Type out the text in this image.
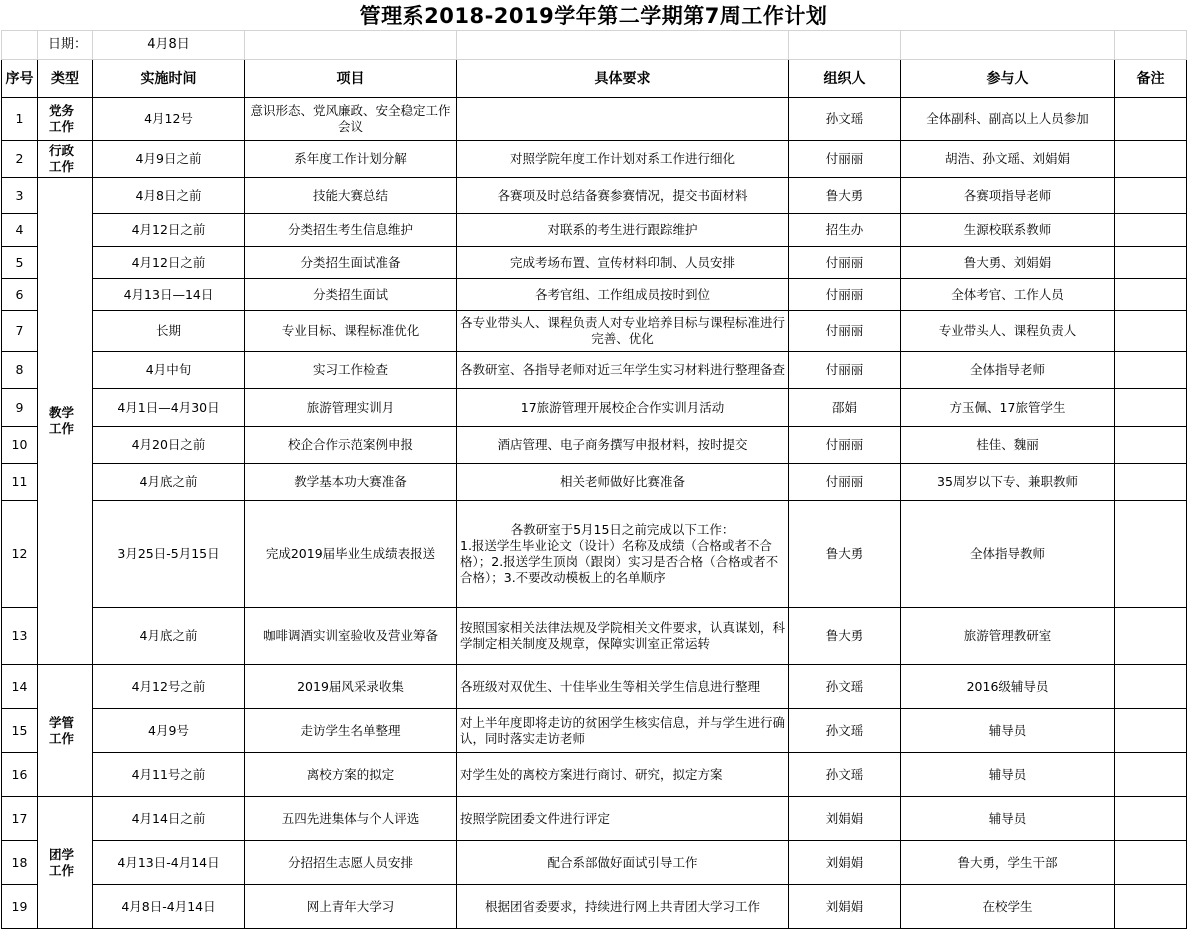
管理系2018-2019学年第二学期第7周工作计划
	日期：	4月8日					
序号	类型	实施时间	项目	具体要求	组织人	参与人	备注
1	党务工作	4月12号	意识形态、党风廉政、安全稳定工作会议		孙文瑶	全体副科、副高以上人员参加	
2	行政工作	4月9日之前	系年度工作计划分解	对照学院年度工作计划对系工作进行细化	付丽丽	胡浩、孙文瑶、刘娟娟	
3	教学工作	4月8日之前	技能大赛总结	各赛项及时总结备赛参赛情况，提交书面材料	鲁大勇	各赛项指导老师	
4		4月12日之前	分类招生考生信息维护	对联系的考生进行跟踪维护	招生办	生源校联系教师	
5		4月12日之前	分类招生面试准备	完成考场布置、宣传材料印制、人员安排	付丽丽	鲁大勇、刘娟娟	
6		4月13日—14日	分类招生面试	各考官组、工作组成员按时到位	付丽丽	全体考官、工作人员	
7		长期	专业目标、课程标准优化	各专业带头人、课程负责人对专业培养目标与课程标准进行完善、优化	付丽丽	专业带头人、课程负责人	
8		4月中旬	实习工作检查	各教研室、各指导老师对近三年学生实习材料进行整理备查	付丽丽	全体指导老师	
9		4月1日—4月30日	旅游管理实训月	17旅游管理开展校企合作实训月活动	邵娟	方玉佩、17旅管学生	
10		4月20日之前	校企合作示范案例申报	酒店管理、电子商务撰写申报材料，按时提交	付丽丽	桂佳、魏丽	
11		4月底之前	教学基本功大赛准备	相关老师做好比赛准备	付丽丽	35周岁以下专、兼职教师	
12		3月25日-5月15日	完成2019届毕业生成绩表报送	各教研室于5月15日之前完成以下工作：
1.报送学生毕业论文（设计）名称及成绩（合格或者不合格）；2.报送学生顶岗（跟岗）实习是否合格（合格或者不合格）；3.不要改动模板上的名单顺序	鲁大勇	全体指导教师	
13		4月底之前	咖啡调酒实训室验收及营业筹备	按照国家相关法律法规及学院相关文件要求，认真谋划，科学制定相关制度及规章，保障实训室正常运转	鲁大勇	旅游管理教研室	
14	学管工作	4月12号之前	2019届风采录收集	各班级对双优生、十佳毕业生等相关学生信息进行整理	孙文瑶	2016级辅导员	
15		4月9号	走访学生名单整理	对上半年度即将走访的贫困学生核实信息，并与学生进行确认，同时落实走访老师	孙文瑶	辅导员	
16		4月11号之前	离校方案的拟定	对学生处的离校方案进行商讨、研究，拟定方案	孙文瑶	辅导员	
17	团学工作	4月14日之前	五四先进集体与个人评选	按照学院团委文件进行评定	刘娟娟	辅导员	
18		4月13日-4月14日	分招招生志愿人员安排	配合系部做好面试引导工作	刘娟娟	鲁大勇，学生干部	
19		4月8日-4月14日	网上青年大学习	根据团省委要求，持续进行网上共青团大学习工作	刘娟娟	在校学生	
